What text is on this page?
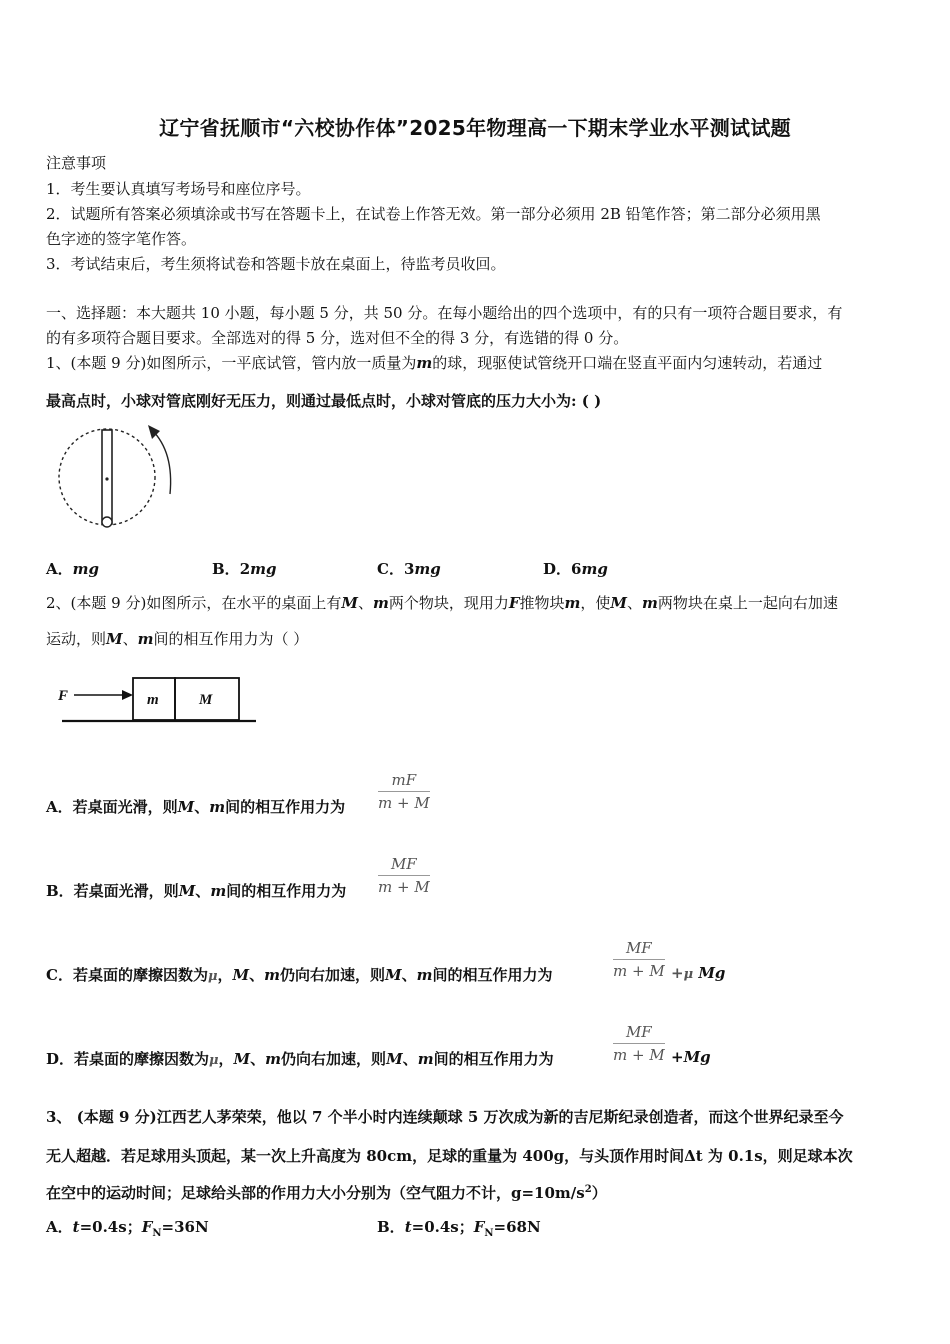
辽宁省抚顺市“六校协作体”2025年物理高一下期末学业水平测试试题
注意事项
1．考生要认真填写考场号和座位序号。
2．试题所有答案必须填涂或书写在答题卡上，在试卷上作答无效。第一部分必须用 2B 铅笔作答；第二部分必须用黑
色字迹的签字笔作答。
3．考试结束后，考生须将试卷和答题卡放在桌面上，待监考员收回。
一、选择题：本大题共 10 小题，每小题 5 分，共 50 分。在每小题给出的四个选项中，有的只有一项符合题目要求，有
的有多项符合题目要求。全部选对的得 5 分，选对但不全的得 3 分，有选错的得 0 分。
1、(本题 9 分)如图所示，一平底试管，管内放一质量为m的球，现驱使试管绕开口端在竖直平面内匀速转动，若通过
最高点时，小球对管底刚好无压力，则通过最低点时，小球对管底的压力大小为: ( )
A．mg	B．2mg	C．3mg	D．6mg
2、(本题 9 分)如图所示，在水平的桌面上有M、m两个物块，现用力F推物块m，使M、m两物块在桌上一起向右加速
运动，则M、m间的相互作用力为（ ）
F	m	M
A．若桌面光滑，则M、m间的相互作用力为 $\frac{mF}{m + M}$
B．若桌面光滑，则M、m间的相互作用力为 $\frac{MF}{m + M}$
C．若桌面的摩擦因数为μ，M、m仍向右加速，则M、m间的相互作用力为	$\frac{MF}{m + M} +\mu$ Mg
D．若桌面的摩擦因数为μ，M、m仍向右加速，则M、m间的相互作用力为	$\frac{MF}{m + M} +Mg$
3、 (本题 9 分)江西艺人茅荣荣，他以 7 个半小时内连续颠球 5 万次成为新的吉尼斯纪录创造者，而这个世界纪录至今
无人超越．若足球用头顶起，某一次上升高度为 80cm，足球的重量为 400g，与头顶作用时间Δt 为 0.1s，则足球本次
在空中的运动时间；足球给头部的作用力大小分别为（空气阻力不计，$g=10m/s^2$）
A．t=0.4s；$F_N=36N$	B．t=0.4s；$F_N=68N$
